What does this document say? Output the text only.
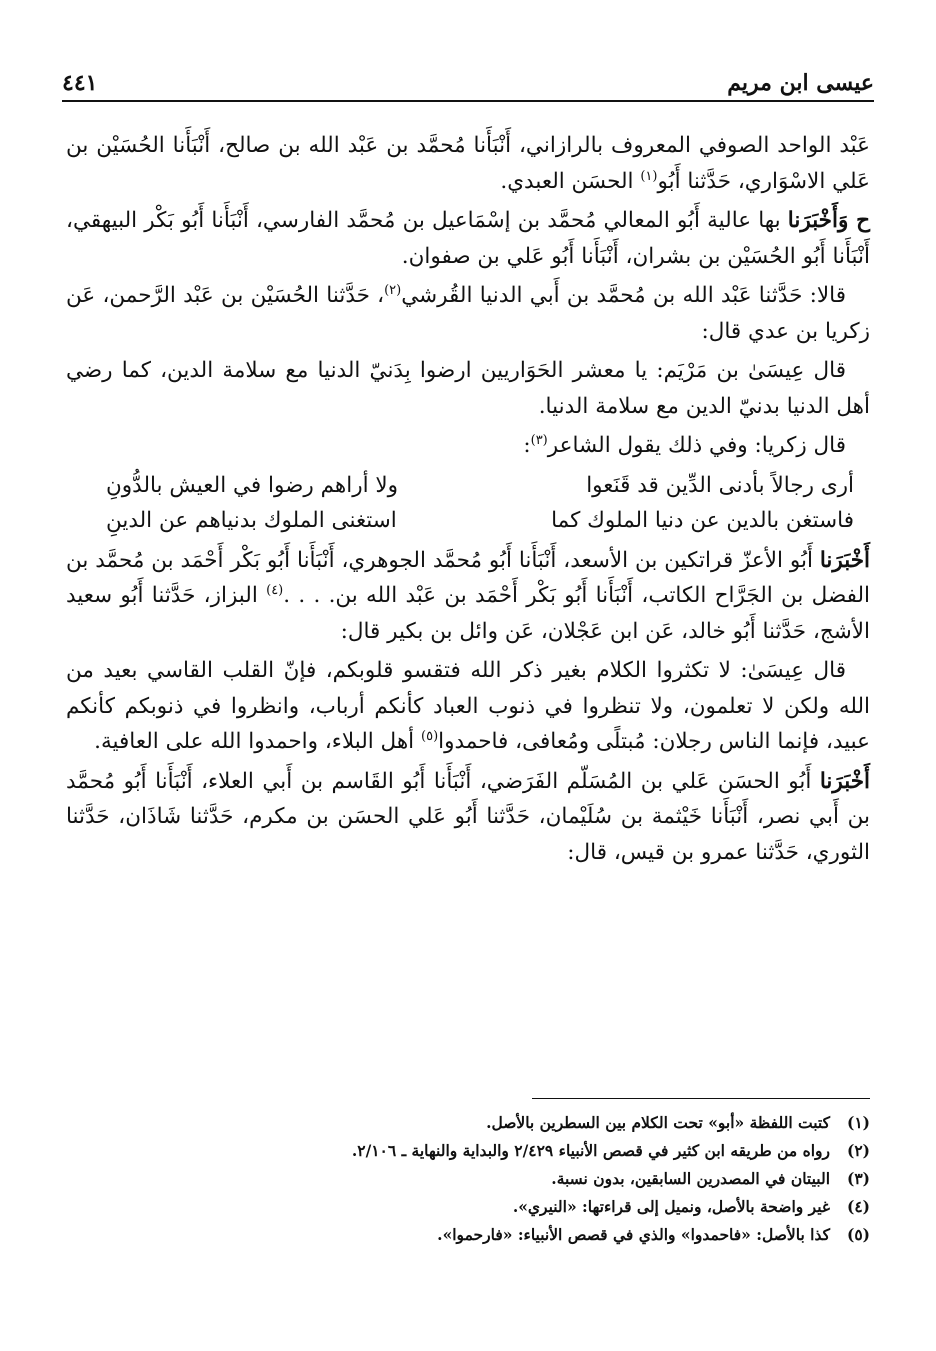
عيسى ابن مريم
٤٤١

عَبْد الواحد الصوفي المعروف بالرازاني، أَنْبَأَنا مُحمَّد بن عَبْد الله بن صالح، أَنْبَأَنا الحُسَيْن بن عَلي الاسْوَاري، حَدَّثنا أَبُو$^{(١)}$ الحسَن العبدي.

ح وَأَخْبَرَنا بها عالية أَبُو المعالي مُحمَّد بن إسْمَاعيل بن مُحمَّد الفارسي، أَنْبَأَنا أَبُو بَكْر البيهقي، أَنْبَأَنا أَبُو الحُسَيْن بن بشران، أَنْبَأَنا أَبُو عَلي بن صفوان.

قالا: حَدَّثنا عَبْد الله بن مُحمَّد بن أَبي الدنيا القُرشي$^{(٢)}$، حَدَّثنا الحُسَيْن بن عَبْد الرَّحمن، عَن زكريا بن عدي قال:

قال عِيسَىٰ بن مَرْيَم: يا معشر الحَوَاريين ارضوا بِدَنيّ الدنيا مع سلامة الدين، كما رضي أهل الدنيا بدنيّ الدين مع سلامة الدنيا.

قال زكريا: وفي ذلك يقول الشاعر$^{(٣)}$:

أرى رجالاً بأدنى الدِّين قد قَنَعوا
ولا أراهم رضوا في العيش بالدُّونِ
فاستغن بالدين عن دنيا الملوك كما
استغنى الملوك بدنياهم عن الدينِ

أَخْبَرَنا أَبُو الأعزّ قراتكين بن الأسعد، أَنْبَأَنا أَبُو مُحمَّد الجوهري، أَنْبَأَنا أَبُو بَكْر أَحْمَد بن مُحمَّد بن الفضل بن الجَرَّاح الكاتب، أَنْبَأَنا أَبُو بَكْر أَحْمَد بن عَبْد الله بن. . . .$^{(٤)}$ البزاز، حَدَّثنا أَبُو سعيد الأشج، حَدَّثنا أَبُو خالد، عَن ابن عَجْلان، عَن وائل بن بكير قال:

قال عِيسَىٰ: لا تكثروا الكلام بغير ذكر الله فتقسو قلوبكم، فإنّ القلب القاسي بعيد من الله ولكن لا تعلمون، ولا تنظروا في ذنوب العباد كأنكم أرباب، وانظروا في ذنوبكم كأنكم عبيد، فإنما الناس رجلان: مُبتلًى ومُعافى، فاحمدوا$^{(٥)}$ أهل البلاء، واحمدوا الله على العافية.

أَخْبَرَنا أَبُو الحسَن عَلي بن المُسَلّم الفَرَضي، أَنْبَأَنا أَبُو القَاسم بن أَبي العلاء، أَنْبَأَنا أَبُو مُحمَّد بن أَبي نصر، أَنْبَأَنا خَيْثمة بن سُلَيْمان، حَدَّثنا أَبُو عَلي الحسَن بن مكرم، حَدَّثنا شَاذَان، حَدَّثنا الثوري، حَدَّثنا عمرو بن قيس، قال:

(١)
كتبت اللفظة «أبو» تحت الكلام بين السطرين بالأصل.
(٢)
رواه من طريقه ابن كثير في قصص الأنبياء ٢/٤٢٩ والبداية والنهاية ـ ٢/١٠٦.
(٣)
البيتان في المصدرين السابقين، بدون نسبة.
(٤)
غير واضحة بالأصل، ونميل إلى قراءتها: «النيري».
(٥)
كذا بالأصل: «فاحمدوا» والذي في قصص الأنبياء: «فارحموا».
